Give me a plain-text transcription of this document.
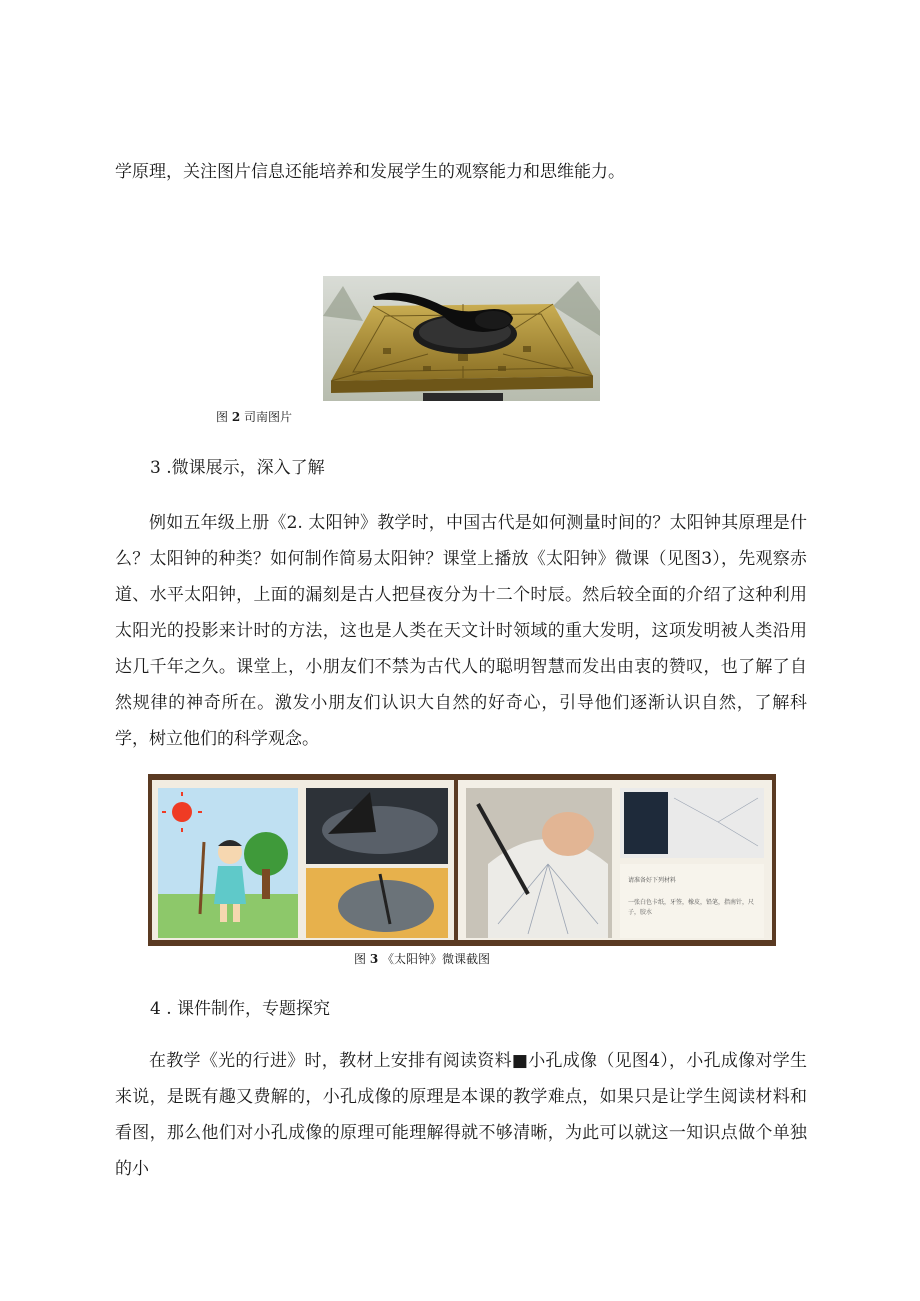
学原理，关注图片信息还能培养和发展学生的观察能力和思维能力。

图 2 司南图片

3 .微课展示，深入了解

例如五年级上册《2. 太阳钟》教学时，中国古代是如何测量时间的？太阳钟其原理是什么？太阳钟的种类？如何制作简易太阳钟？课堂上播放《太阳钟》微课（见图3），先观察赤道、水平太阳钟，上面的漏刻是古人把昼夜分为十二个时辰。然后较全面的介绍了这种利用太阳光的投影来计时的方法，这也是人类在天文计时领域的重大发明，这项发明被人类沿用达几千年之久。课堂上，小朋友们不禁为古代人的聪明智慧而发出由衷的赞叹，也了解了自然规律的神奇所在。激发小朋友们认识大自然的好奇心，引导他们逐渐认识自然，了解科学，树立他们的科学观念。

请准备好下列材料
一张白色卡纸，牙签，橡皮，铅笔，指南针，尺子，胶水

图 3 《太阳钟》微课截图

4 . 课件制作，专题探究

在教学《光的行进》时，教材上安排有阅读资料■小孔成像（见图4），小孔成像对学生来说，是既有趣又费解的，小孔成像的原理是本课的教学难点，如果只是让学生阅读材料和看图，那么他们对小孔成像的原理可能理解得就不够清晰，为此可以就这一知识点做个单独的小
